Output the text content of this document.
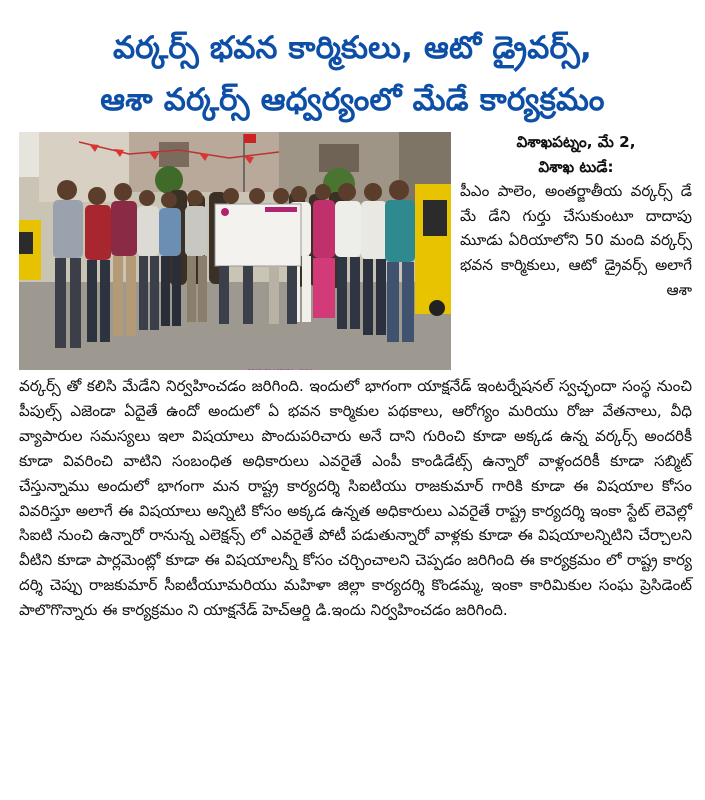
వర్కర్స్ భవన కార్మికులు, ఆటో డ్రైవర్స్,
ఆశా వర్కర్స్ ఆధ్వర్యంలో మేడే కార్యక్రమం
విశాఖపట్నం, మే 2,
విశాఖ టుడే:

పీఎం పాలెం, అంతర్జాతీయ వర్కర్స్ డే మే డేని గుర్తు చేసుకుంటూ దాదాపు మూడు ఏరియాలోని 50 మంది వర్కర్స్ భవన కార్మికులు, ఆటో డ్రైవర్స్ అలాగే ఆశా

వర్కర్స్ తో కలిసి మేడేని నిర్వహించడం జరిగింది. ఇందులో భాగంగా యాక్షనేడ్ ఇంటర్నేషనల్ స్వచ్ఛందా సంస్థ నుంచి పీపుల్స్ ఎజెండా ఏదైతే ఉందో అందులో ఏ భవన కార్మికుల పథకాలు, ఆరోగ్యం మరియు రోజు వేతనాలు, వీధి వ్యాపారుల సమస్యలు ఇలా విషయాలు పొందుపరిచారు అనే దాని గురించి కూడా అక్కడ ఉన్న వర్కర్స్ అందరికీ కూడా వివరించి వాటిని సంబంధిత అధికారులు ఎవరైతే ఎంపీ కాండిడేట్స్ ఉన్నారో వాళ్లందరికీ కూడా సబ్మిట్ చేస్తున్నాము అందులో భాగంగా మన రాష్ట్ర కార్యదర్శి సిఐటియు రాజకుమార్ గారికి కూడా ఈ విషయాల కోసం వివరిస్తూ అలాగే ఈ విషయాలు అన్నిటి కోసం అక్కడ ఉన్నత అధికారులు ఎవరైతే రాష్ట్ర కార్యదర్శి ఇంకా స్టేట్ లెవెల్లో సిఐటి నుంచి ఉన్నారో రానున్న ఎలెక్షన్స్ లో ఎవరైతే పోటీ పడుతున్నారో వాళ్లకు కూడా ఈ విషయాలన్నిటిని చేర్చాలని వీటిని కూడా పార్లమెంట్లో కూడా ఈ విషయాలన్నీ కోసం చర్చించాలని చెప్పడం జరిగింది ఈ కార్యక్రమం లో రాష్ట్ర కార్య దర్శి చెప్పు రాజకుమార్ సీఐటీయూమరియు మహిళా జిల్లా కార్యదర్శి కొండమ్మ, ఇంకా కారిమికుల సంఘ ప్రెసిడెంట్ పాలొగొన్నారు ఈ కార్యక్రమం ని యాక్షనేడ్ హెచ్ఆర్డి డి.ఇందు నిర్వహించడం జరిగింది.
